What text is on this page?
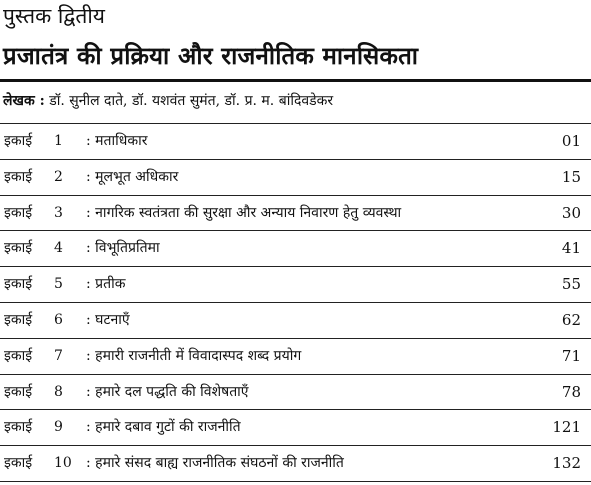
पुस्तक द्वितीय
प्रजातंत्र की प्रक्रिया और राजनीतिक मानसिकता
लेखक : डॉ. सुनील दाते, डॉ. यशवंत सुमंत, डॉ. प्र. म. बांदिवडेकर
इकाई 1 : मताधिकार	01
इकाई 2 : मूलभूत अधिकार	15
इकाई 3 : नागरिक स्वतंत्रता की सुरक्षा और अन्याय निवारण हेतु व्यवस्था	30
इकाई 4 : विभूतिप्रतिमा	41
इकाई 5 : प्रतीक	55
इकाई 6 : घटनाएँ	62
इकाई 7 : हमारी राजनीती में विवादास्पद शब्द प्रयोग	71
इकाई 8 : हमारे दल पद्धति की विशेषताएँ	78
इकाई 9 : हमारे दबाव गुटों की राजनीति	121
इकाई 10 : हमारे संसद बाह्य राजनीतिक संघठनों की राजनीति	132
